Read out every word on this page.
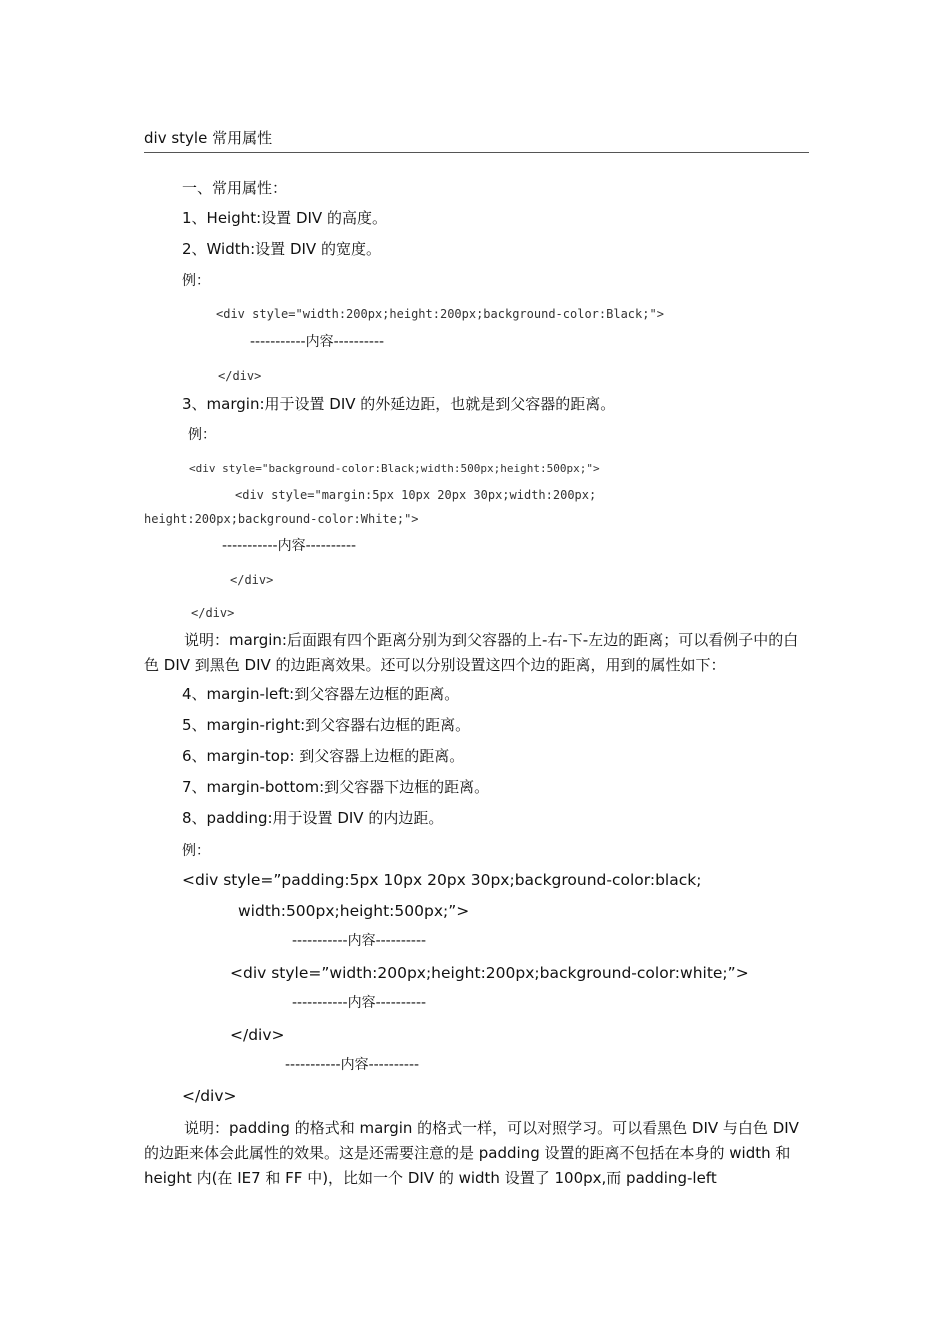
div style 常用属性
一、常用属性：
1、Height:设置 DIV 的高度。
2、Width:设置 DIV 的宽度。
例：
<div style="width:200px;height:200px;background-color:Black;">
-----------内容----------
</div>
3、margin:用于设置 DIV 的外延边距，也就是到父容器的距离。
例：
<div style="background-color:Black;width:500px;height:500px;">
<div style="margin:5px 10px 20px 30px;width:200px;
height:200px;background-color:White;">
-----------内容----------
</div>
</div>
说明：margin:后面跟有四个距离分别为到父容器的上-右-下-左边的距离；可以看例子中的白色 DIV 到黑色 DIV 的边距离效果。还可以分别设置这四个边的距离，用到的属性如下：
4、margin-left:到父容器左边框的距离。
5、margin-right:到父容器右边框的距离。
6、margin-top: 到父容器上边框的距离。
7、margin-bottom:到父容器下边框的距离。
8、padding:用于设置 DIV 的内边距。
例：
<div style=”padding:5px 10px 20px 30px;background-color:black;
width:500px;height:500px;”>
-----------内容----------
<div style=”width:200px;height:200px;background-color:white;”>
-----------内容----------
</div>
-----------内容----------
</div>
说明：padding 的格式和 margin 的格式一样，可以对照学习。可以看黑色 DIV 与白色 DIV 的边距来体会此属性的效果。这是还需要注意的是 padding 设置的距离不包括在本身的 width 和 height 内(在 IE7 和 FF 中)，比如一个 DIV 的 width 设置了 100px,而 padding-left
